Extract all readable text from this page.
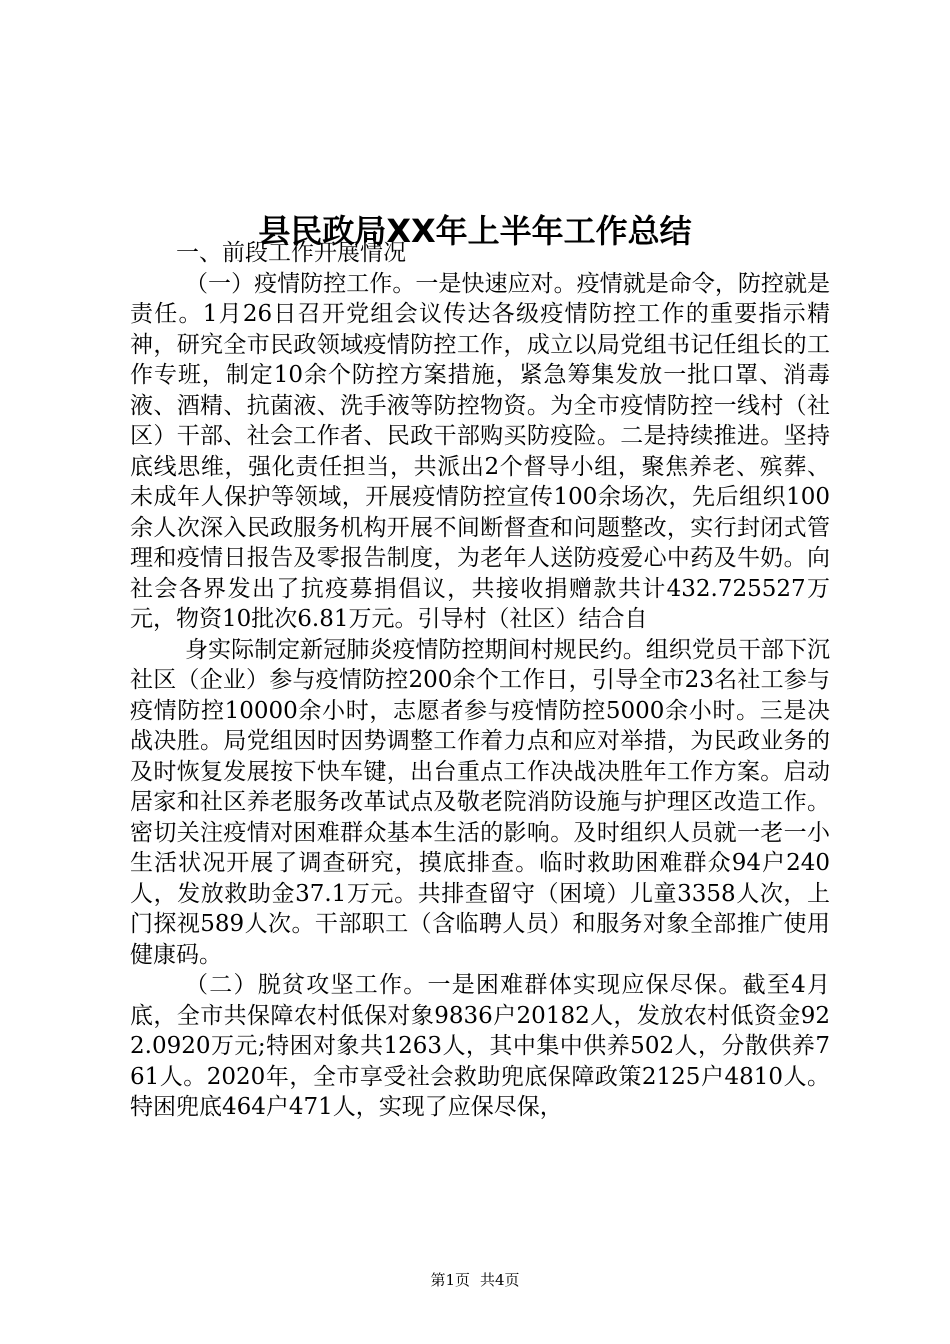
县民政局XX年上半年工作总结

一、前段工作开展情况

（一）疫情防控工作。一是快速应对。疫情就是命令，防控就是责任。1月26日召开党组会议传达各级疫情防控工作的重要指示精神，研究全市民政领域疫情防控工作，成立以局党组书记任组长的工作专班，制定10余个防控方案措施，紧急筹集发放一批口罩、消毒液、酒精、抗菌液、洗手液等防控物资。为全市疫情防控一线村（社区）干部、社会工作者、民政干部购买防疫险。二是持续推进。坚持底线思维，强化责任担当，共派出2个督导小组，聚焦养老、殡葬、未成年人保护等领域，开展疫情防控宣传100余场次，先后组织100余人次深入民政服务机构开展不间断督查和问题整改，实行封闭式管理和疫情日报告及零报告制度，为老年人送防疫爱心中药及牛奶。向社会各界发出了抗疫募捐倡议，共接收捐赠款共计432.725527万元，物资10批次6.81万元。引导村（社区）结合自

身实际制定新冠肺炎疫情防控期间村规民约。组织党员干部下沉社区（企业）参与疫情防控200余个工作日，引导全市23名社工参与疫情防控10000余小时，志愿者参与疫情防控5000余小时。三是决战决胜。局党组因时因势调整工作着力点和应对举措，为民政业务的及时恢复发展按下快车键，出台重点工作决战决胜年工作方案。启动居家和社区养老服务改革试点及敬老院消防设施与护理区改造工作。密切关注疫情对困难群众基本生活的影响。及时组织人员就一老一小生活状况开展了调查研究，摸底排查。临时救助困难群众94户240人，发放救助金37.1万元。共排查留守（困境）儿童3358人次，上门探视589人次。干部职工（含临聘人员）和服务对象全部推广使用健康码。

（二）脱贫攻坚工作。一是困难群体实现应保尽保。截至4月底，全市共保障农村低保对象9836户20182人，发放农村低资金922.0920万元;特困对象共1263人，其中集中供养502人，分散供养761人。2020年，全市享受社会救助兜底保障政策2125户4810人。特困兜底464户471人，实现了应保尽保，

第1页 共4页
